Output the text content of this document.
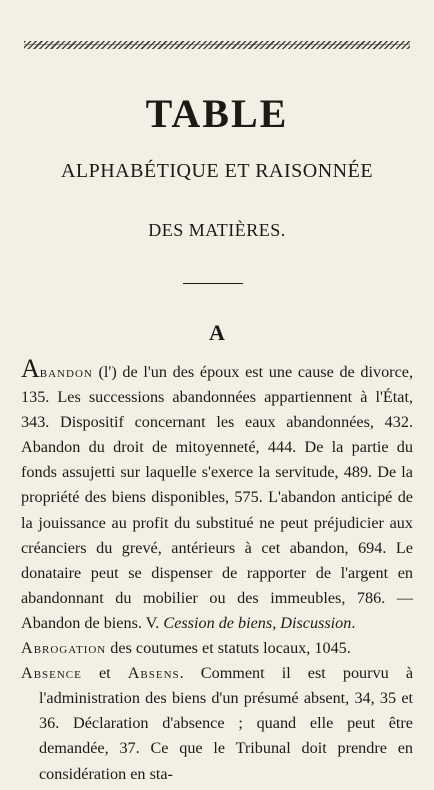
TABLE
ALPHABÉTIQUE ET RAISONNÉE
DES MATIÈRES.
A

Abandon (l') de l'un des époux est une cause de divorce, 135. Les successions abandonnées appartiennent à l'État, 343. Dispositif concernant les eaux abandonnées, 432. Abandon du droit de mitoyenneté, 444. De la partie du fonds assujetti sur laquelle s'exerce la servitude, 489. De la propriété des biens disponibles, 575. L'abandon anticipé de la jouissance au profit du substitué ne peut préjudicier aux créanciers du grevé, antérieurs à cet abandon, 694. Le donataire peut se dispenser de rapporter de l'argent en abandonnant du mobilier ou des immeubles, 786. — Abandon de biens. V. Cession de biens, Discussion.

Abrogation des coutumes et statuts locaux, 1045.

Absence et Absens. Comment il est pourvu à l'administration des biens d'un présumé absent, 34, 35 et 36. Déclaration d'absence ; quand elle peut être demandée, 37. Ce que le Tribunal doit prendre en considération en sta-
